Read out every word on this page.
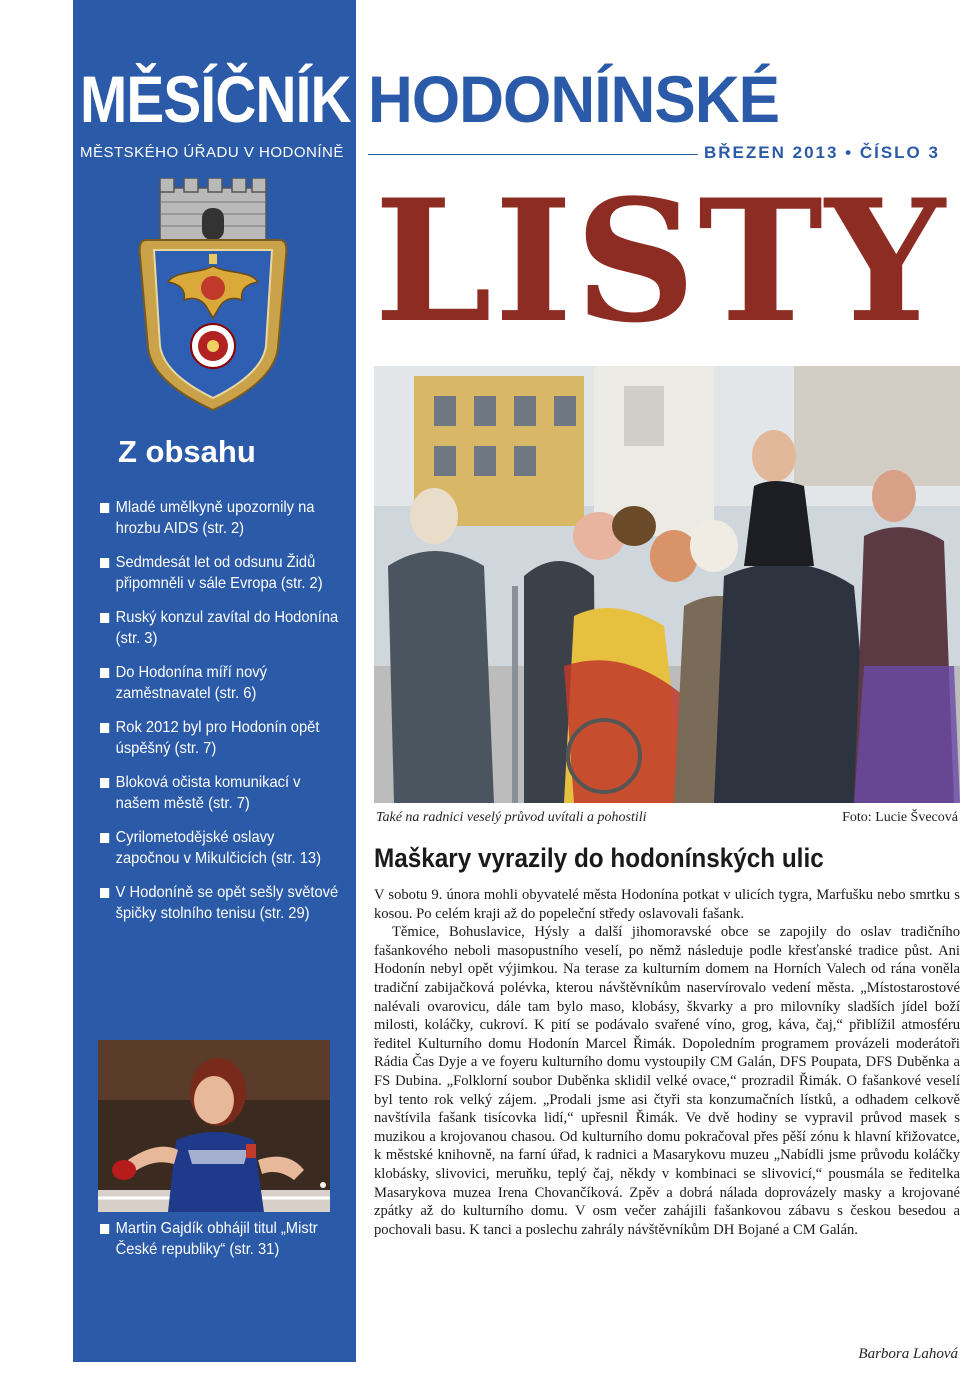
MĚSÍČNÍK HODONÍNSKÉ
MĚSTSKÉHO ÚŘADU V HODONÍNĚ	BŘEZEN 2013 • ČÍSLO 3
LISTY
Z obsahu
Mladé umělkyně upozornily na hrozbu AIDS (str. 2)
Sedmdesát let od odsunu Židů připomněli v sále Evropa (str. 2)
Ruský konzul zavítal do Hodonína (str. 3)
Do Hodonína míří nový zaměstnavatel (str. 6)
Rok 2012 byl pro Hodonín opět úspěšný (str. 7)
Bloková očista komunikací v našem městě (str. 7)
Cyrilometodějské oslavy započnou v Mikulčicích (str. 13)
V Hodoníně se opět sešly světové špičky stolního tenisu (str. 29)
Martin Gajdík obhájil titul „Mistr České republiky“ (str. 31)
Také na radnici veselý průvod uvítali a pohostili	Foto: Lucie Švecová
Maškary vyrazily do hodonínských ulic

V sobotu 9. února mohli obyvatelé města Hodonína potkat v ulicích tygra, Marfušku nebo smrtku s kosou. Po celém kraji až do popeleční středy oslavovali fašank.

Těmice, Bohuslavice, Hýsly a další jihomoravské obce se zapojily do oslav tradičního fašankového neboli masopustního veselí, po němž následuje podle křesťanské tradice půst. Ani Hodonín nebyl opět výjimkou. Na terase za kulturním domem na Horních Valech od rána voněla tradiční zabijačková polévka, kterou návštěvníkům naservírovalo vedení města. „Místostarostové nalévali ovarovicu, dále tam bylo maso, klobásy, škvarky a pro milovníky sladších jídel boží milosti, koláčky, cukroví. K pití se podávalo svařené víno, grog, káva, čaj,“ přiblížil atmosféru ředitel Kulturního domu Hodonín Marcel Řimák. Dopoledním programem provázeli moderátoři Rádia Čas Dyje a ve foyeru kulturního domu vystoupily CM Galán, DFS Poupata, DFS Duběnka a FS Dubina. „Folklorní soubor Duběnka sklidil velké ovace,“ prozradil Řimák. O fašankové veselí byl tento rok velký zájem. „Prodali jsme asi čtyři sta konzumačních lístků, a odhadem celkově navštívila fašank tisícovka lidí,“ upřesnil Řimák. Ve dvě hodiny se vypravil průvod masek s muzikou a krojovanou chasou. Od kulturního domu pokračoval přes pěší zónu k hlavní křižovatce, k městské knihovně, na farní úřad, k radnici a Masarykovu muzeu „Nabídli jsme průvodu koláčky klobásky, slivovici, meruňku, teplý čaj, někdy v kombinaci se slivovicí,“ pousmála se ředitelka Masarykova muzea Irena Chovančíková. Zpěv a dobrá nálada doprovázely masky a krojované zpátky až do kulturního domu. V osm večer zahájili fašankovou zábavu s českou besedou a pochovali basu. K tanci a poslechu zahrály návštěvníkům DH Bojané a CM Galán.

Barbora Lahová
